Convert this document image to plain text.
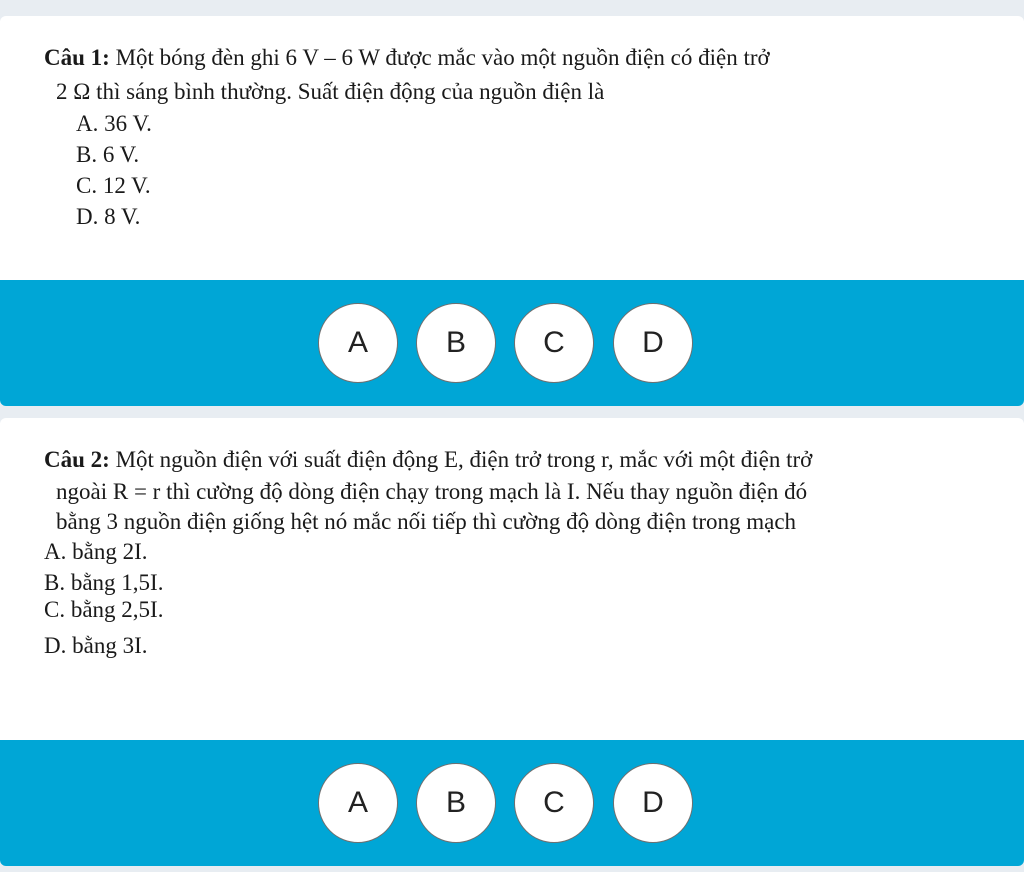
Câu 1: Một bóng đèn ghi 6 V – 6 W được mắc vào một nguồn điện có điện trở
2 Ω thì sáng bình thường. Suất điện động của nguồn điện là
A. 36 V.
B. 6 V.
C. 12 V.
D. 8 V.
A	B	C	D
Câu 2: Một nguồn điện với suất điện động E, điện trở trong r, mắc với một điện trở
ngoài R = r thì cường độ dòng điện chạy trong mạch là I. Nếu thay nguồn điện đó
bằng 3 nguồn điện giống hệt nó mắc nối tiếp thì cường độ dòng điện trong mạch
A. bằng 2I.
B. bằng 1,5I.
C. bằng 2,5I.
D. bằng 3I.
A	B	C	D
